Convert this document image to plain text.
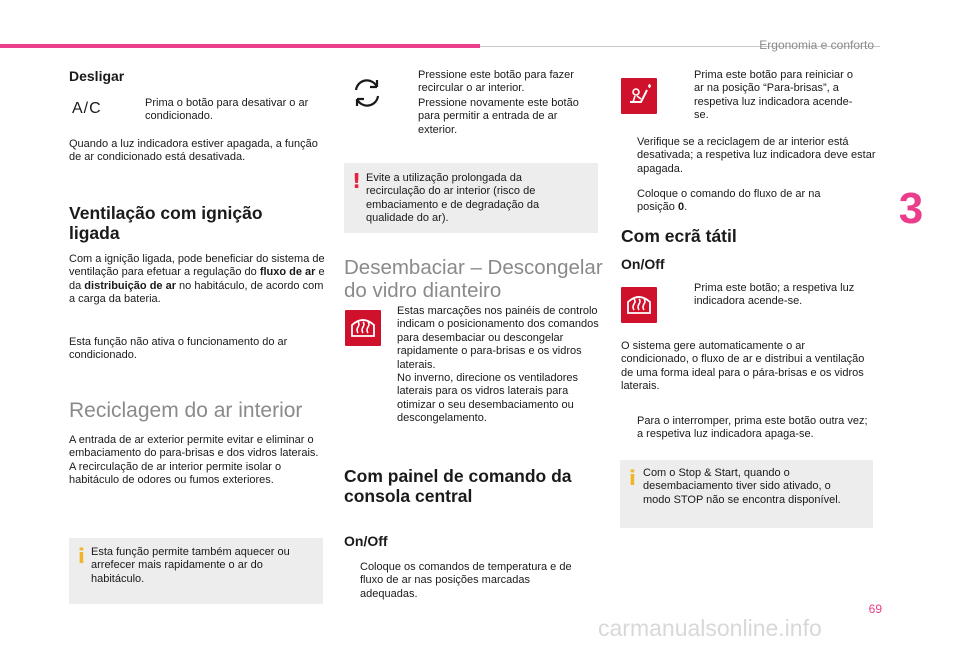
Ergonomia e conforto
3
69
carmanualsonline.info
Desligar
A/C	Prima o botão para desativar o ar condicionado.
Quando a luz indicadora estiver apagada, a função de ar condicionado está desativada.
Ventilação com ignição
ligada
Com a ignição ligada, pode beneficiar do sistema de ventilação para efetuar a regulação do fluxo de ar e da distribuição de ar no habitáculo, de acordo com a carga da bateria.
Esta função não ativa o funcionamento do ar condicionado.
Reciclagem do ar interior
A entrada de ar exterior permite evitar e eliminar o embaciamento do para-brisas e dos vidros laterais.
A recirculação de ar interior permite isolar o habitáculo de odores ou fumos exteriores.
i Esta função permite também aquecer ou arrefecer mais rapidamente o ar do habitáculo.
Pressione este botão para fazer recircular o ar interior.
Pressione novamente este botão para permitir a entrada de ar exterior.
! Evite a utilização prolongada da recirculação do ar interior (risco de embaciamento e de degradação da qualidade do ar).
Desembaciar – Descongelar
do vidro dianteiro
Estas marcações nos painéis de controlo indicam o posicionamento dos comandos para desembaciar ou descongelar rapidamente o para-brisas e os vidros laterais.
No inverno, direcione os ventiladores laterais para os vidros laterais para otimizar o seu desembaciamento ou descongelamento.
Com painel de comando da
consola central
On/Off
Coloque os comandos de temperatura e de fluxo de ar nas posições marcadas adequadas.
Prima este botão para reiniciar o ar na posição “Para-brisas”, a respetiva luz indicadora acende-se.
Verifique se a reciclagem de ar interior está desativada; a respetiva luz indicadora deve estar apagada.
Coloque o comando do fluxo de ar na posição 0.
Com ecrã tátil
On/Off
Prima este botão; a respetiva luz indicadora acende-se.
O sistema gere automaticamente o ar condicionado, o fluxo de ar e distribui a ventilação de uma forma ideal para o pára-brisas e os vidros laterais.
Para o interromper, prima este botão outra vez; a respetiva luz indicadora apaga-se.
i Com o Stop & Start, quando o desembaciamento tiver sido ativado, o modo STOP não se encontra disponível.
